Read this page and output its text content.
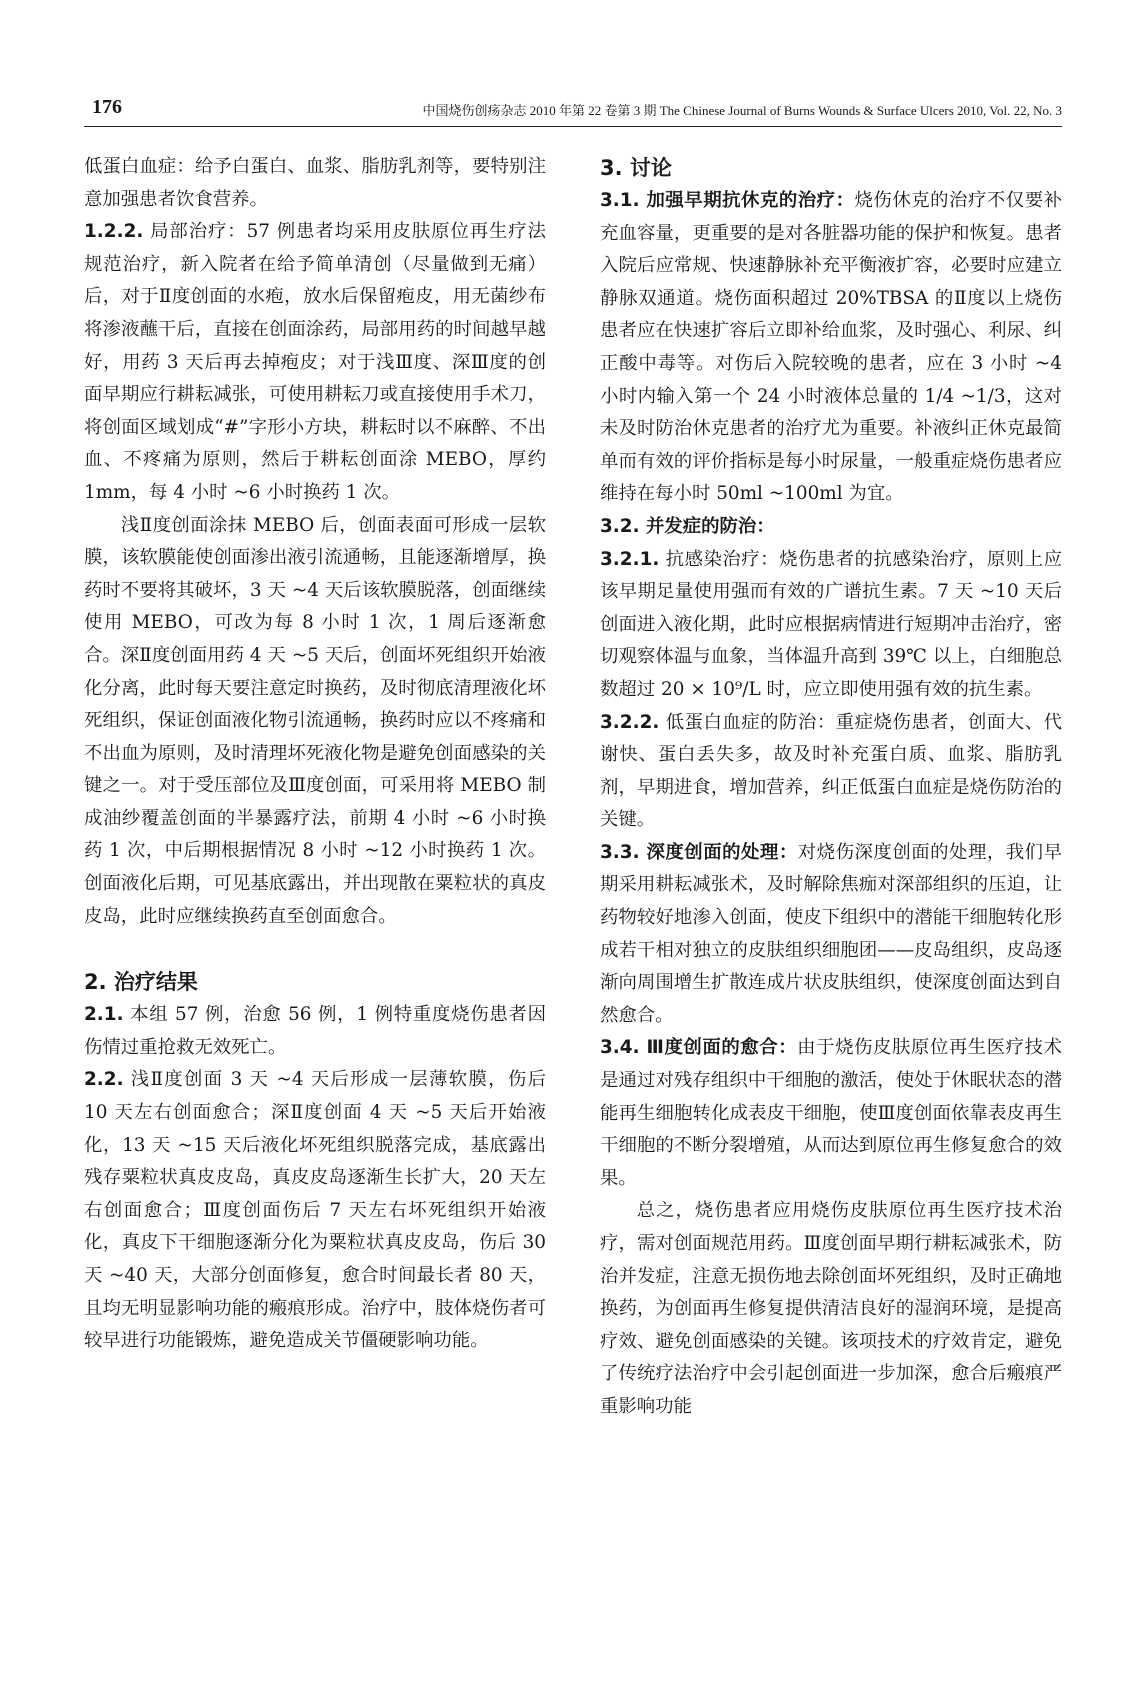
176	中国烧伤创疡杂志 2010 年第 22 卷第 3 期 The Chinese Journal of Burns Wounds & Surface Ulcers 2010, Vol. 22, No. 3

低蛋白血症：给予白蛋白、血浆、脂肪乳剂等，要特别注意加强患者饮食营养。

1.2.2. 局部治疗：57 例患者均采用皮肤原位再生疗法规范治疗，新入院者在给予简单清创（尽量做到无痛）后，对于Ⅱ度创面的水疱，放水后保留疱皮，用无菌纱布将渗液蘸干后，直接在创面涂药，局部用药的时间越早越好，用药 3 天后再去掉疱皮；对于浅Ⅲ度、深Ⅲ度的创面早期应行耕耘减张，可使用耕耘刀或直接使用手术刀，将创面区域划成“#”字形小方块，耕耘时以不麻醉、不出血、不疼痛为原则，然后于耕耘创面涂 MEBO，厚约 1mm，每 4 小时 ~6 小时换药 1 次。

浅Ⅱ度创面涂抹 MEBO 后，创面表面可形成一层软膜，该软膜能使创面渗出液引流通畅，且能逐渐增厚，换药时不要将其破坏，3 天 ~4 天后该软膜脱落，创面继续使用 MEBO，可改为每 8 小时 1 次，1 周后逐渐愈合。深Ⅱ度创面用药 4 天 ~5 天后，创面坏死组织开始液化分离，此时每天要注意定时换药，及时彻底清理液化坏死组织，保证创面液化物引流通畅，换药时应以不疼痛和不出血为原则，及时清理坏死液化物是避免创面感染的关键之一。对于受压部位及Ⅲ度创面，可采用将 MEBO 制成油纱覆盖创面的半暴露疗法，前期 4 小时 ~6 小时换药 1 次，中后期根据情况 8 小时 ~12 小时换药 1 次。创面液化后期，可见基底露出，并出现散在粟粒状的真皮皮岛，此时应继续换药直至创面愈合。

2. 治疗结果

2.1. 本组 57 例，治愈 56 例，1 例特重度烧伤患者因伤情过重抢救无效死亡。

2.2. 浅Ⅱ度创面 3 天 ~4 天后形成一层薄软膜，伤后 10 天左右创面愈合；深Ⅱ度创面 4 天 ~5 天后开始液化，13 天 ~15 天后液化坏死组织脱落完成，基底露出残存粟粒状真皮皮岛，真皮皮岛逐渐生长扩大，20 天左右创面愈合；Ⅲ度创面伤后 7 天左右坏死组织开始液化，真皮下干细胞逐渐分化为粟粒状真皮皮岛，伤后 30 天 ~40 天，大部分创面修复，愈合时间最长者 80 天，且均无明显影响功能的瘢痕形成。治疗中，肢体烧伤者可较早进行功能锻炼，避免造成关节僵硬影响功能。

3. 讨论

3.1. 加强早期抗休克的治疗：烧伤休克的治疗不仅要补充血容量，更重要的是对各脏器功能的保护和恢复。患者入院后应常规、快速静脉补充平衡液扩容，必要时应建立静脉双通道。烧伤面积超过 20%TBSA 的Ⅱ度以上烧伤患者应在快速扩容后立即补给血浆，及时强心、利尿、纠正酸中毒等。对伤后入院较晚的患者，应在 3 小时 ~4 小时内输入第一个 24 小时液体总量的 1/4 ~1/3，这对未及时防治休克患者的治疗尤为重要。补液纠正休克最简单而有效的评价指标是每小时尿量，一般重症烧伤患者应维持在每小时 50ml ~100ml 为宜。

3.2. 并发症的防治：

3.2.1. 抗感染治疗：烧伤患者的抗感染治疗，原则上应该早期足量使用强而有效的广谱抗生素。7 天 ~10 天后创面进入液化期，此时应根据病情进行短期冲击治疗，密切观察体温与血象，当体温升高到 39℃ 以上，白细胞总数超过 20 × 10⁹/L 时，应立即使用强有效的抗生素。

3.2.2. 低蛋白血症的防治：重症烧伤患者，创面大、代谢快、蛋白丢失多，故及时补充蛋白质、血浆、脂肪乳剂，早期进食，增加营养，纠正低蛋白血症是烧伤防治的关键。

3.3. 深度创面的处理：对烧伤深度创面的处理，我们早期采用耕耘减张术，及时解除焦痂对深部组织的压迫，让药物较好地渗入创面，使皮下组织中的潜能干细胞转化形成若干相对独立的皮肤组织细胞团——皮岛组织，皮岛逐渐向周围增生扩散连成片状皮肤组织，使深度创面达到自然愈合。

3.4. Ⅲ度创面的愈合：由于烧伤皮肤原位再生医疗技术是通过对残存组织中干细胞的激活，使处于休眠状态的潜能再生细胞转化成表皮干细胞，使Ⅲ度创面依靠表皮再生干细胞的不断分裂增殖，从而达到原位再生修复愈合的效果。

总之，烧伤患者应用烧伤皮肤原位再生医疗技术治疗，需对创面规范用药。Ⅲ度创面早期行耕耘减张术，防治并发症，注意无损伤地去除创面坏死组织，及时正确地换药，为创面再生修复提供清洁良好的湿润环境，是提高疗效、避免创面感染的关键。该项技术的疗效肯定，避免了传统疗法治疗中会引起创面进一步加深，愈合后瘢痕严重影响功能
